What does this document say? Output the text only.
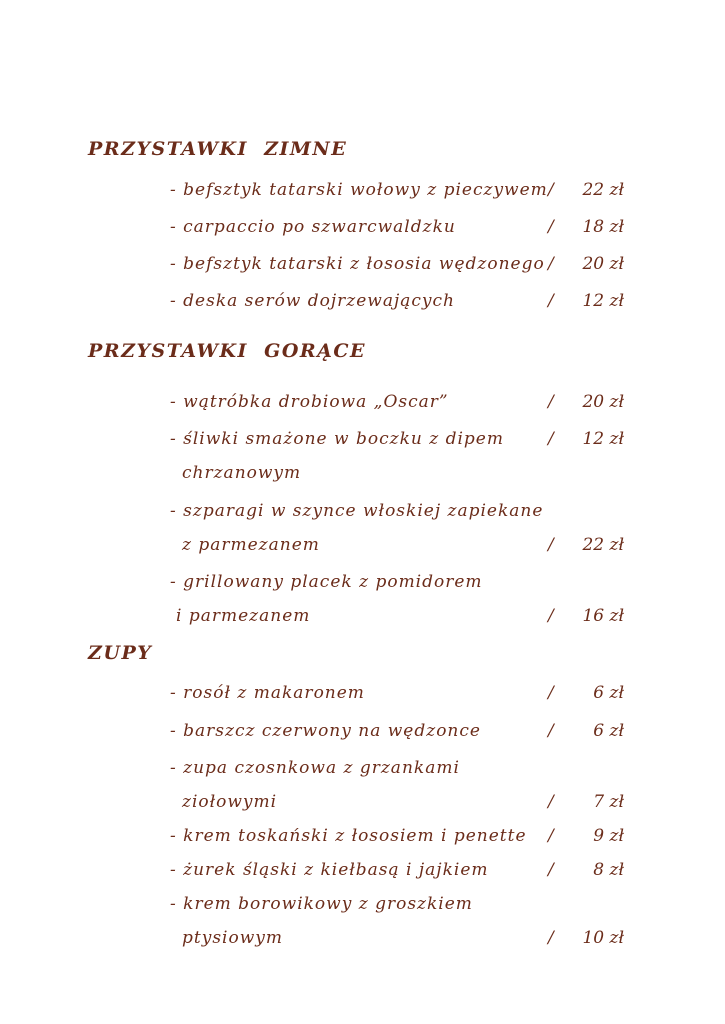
PRZYSTAWKI  ZIMNE
- befsztyk tatarski wołowy z pieczywem / 22 zł
- carpaccio po szwarcwaldzku	/ 18 zł
- befsztyk tatarski z łososia wędzonego / 20 zł
- deska serów dojrzewających	/ 12 zł
PRZYSTAWKI  GORĄCE
- wątróbka drobiowa „Oscar”	/ 20 zł
- śliwki smażone w boczku z dipem	/ 12 zł
chrzanowym
- szparagi w szynce włoskiej zapiekane
z parmezanem	/ 22 zł
- grillowany placek z pomidorem
i parmezanem	/ 16 zł
ZUPY
- rosół z makaronem	/ 6 zł
- barszcz czerwony na wędzonce	/ 6 zł
- zupa czosnkowa z grzankami
ziołowymi	/ 7 zł
- krem toskański z łososiem i penette / 9 zł
- żurek śląski z kiełbasą i jajkiem	/ 8 zł
- krem borowikowy z groszkiem
ptysiowym	/ 10 zł
